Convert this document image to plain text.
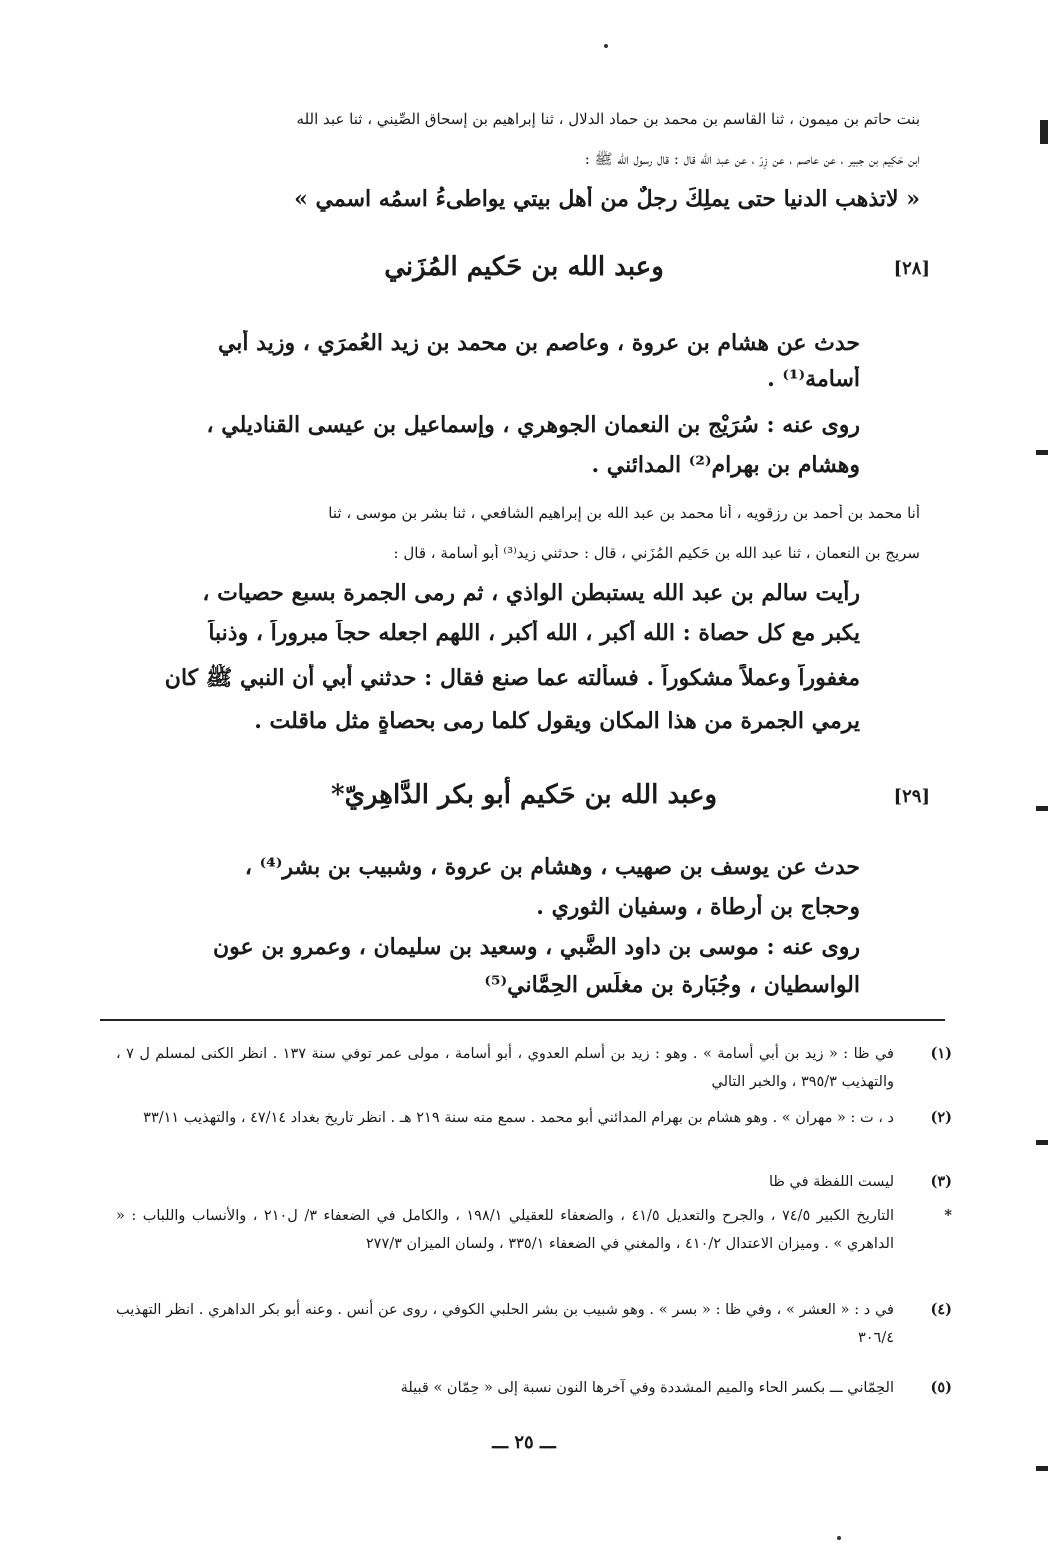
بنت حاتم بن ميمون ، ثنا القاسم بن محمد بن حماد الدلال ، ثنا إبراهيم بن إسحاق الصِّيني ، ثنا عبد الله
ابن حَكِيم بن جبير ، عن عاصم ، عن زِرّ ، عن عبد الله قال : قال رسول الله ﷺ :
« لاتذهب الدنيا حتى يملِكَ رجلٌ من أهل بيتي يواطىءُ اسمُه اسمي »
[٢٨]
وعبد الله بن حَكيم المُزَني
حدث عن هشام بن عروة ، وعاصم بن محمد بن زيد العُمرَي ، وزيد أبي
أسامة⁽¹⁾ .
روى عنه : سُرَيْج بن النعمان الجوهري ، وإسماعيل بن عيسى القناديلي ،
وهشام بن بهرام⁽²⁾ المدائني .
أنا محمد بن أحمد بن رزقويه ، أنا محمد بن عبد الله بن إبراهيم الشافعي ، ثنا بشر بن موسى ، ثنا
سريج بن النعمان ، ثنا عبد الله بن حَكيم المُزَني ، قال : حدثني زيد⁽³⁾ أبو أسامة ، قال :
رأيت سالم بن عبد الله يستبطن الواذي ، ثم رمى الجمرة بسبع حصيات ،
يكبر مع كل حصاة : الله أكبر ، الله أكبر ، اللهم اجعله حجاً مبروراً ، وذنباً
مغفوراً وعملاً مشكوراً . فسألته عما صنع فقال : حدثني أبي أن النبي ﷺ كان
يرمي الجمرة من هذا المكان ويقول كلما رمى بحصاةٍ مثل ماقلت .
[٢٩]
وعبد الله بن حَكيم أبو بكر الدَّاهِريّ*
حدث عن يوسف بن صهيب ، وهشام بن عروة ، وشبيب بن بشر⁽⁴⁾ ،
وحجاج بن أرطاة ، وسفيان الثوري .
روى عنه : موسى بن داود الضَّبي ، وسعيد بن سليمان ، وعمرو بن عون
الواسطيان ، وجُبَارة بن مغلِّس الحِمَّاني⁽⁵⁾
(١)
في ظا : « زيد بن أبي أسامة » . وهو : زيد بن أسلم العدوي ، أبو أسامة ، مولى عمر توفي سنة ١٣٧ . انظر الكنى لمسلم ل ٧ ، والتهذيب ٣٩٥/٣ ، والخبر التالي
(٢)
د ، ت : « مهران » . وهو هشام بن بهرام المدائني أبو محمد . سمع منه سنة ٢١٩ هـ . انظر تاريخ بغداد ٤٧/١٤ ، والتهذيب ٣٣/١١
(٣)
ليست اللفظة في ظا
*
التاريخ الكبير ٧٤/٥ ، والجرح والتعديل ٤١/٥ ، والضعفاء للعقيلي ١٩٨/١ ، والكامل في الضعفاء ٣/ ل٢١٠ ، والأنساب واللباب : « الداهري » . وميزان الاعتدال ٤١٠/٢ ، والمغني في الضعفاء ٣٣٥/١ ، ولسان الميزان ٢٧٧/٣
(٤)
في د : « العشر » ، وفي ظا : « بسر » . وهو شبيب بن بشر الحلبي الكوفي ، روى عن أنس . وعنه أبو بكر الداهري . انظر التهذيب ٣٠٦/٤
(٥)
الحِمّاني ـــ بكسر الحاء والميم المشددة وفي آخرها النون نسبة إلى « حِمّان » قبيلة
ـــ ٢٥ ـــ
